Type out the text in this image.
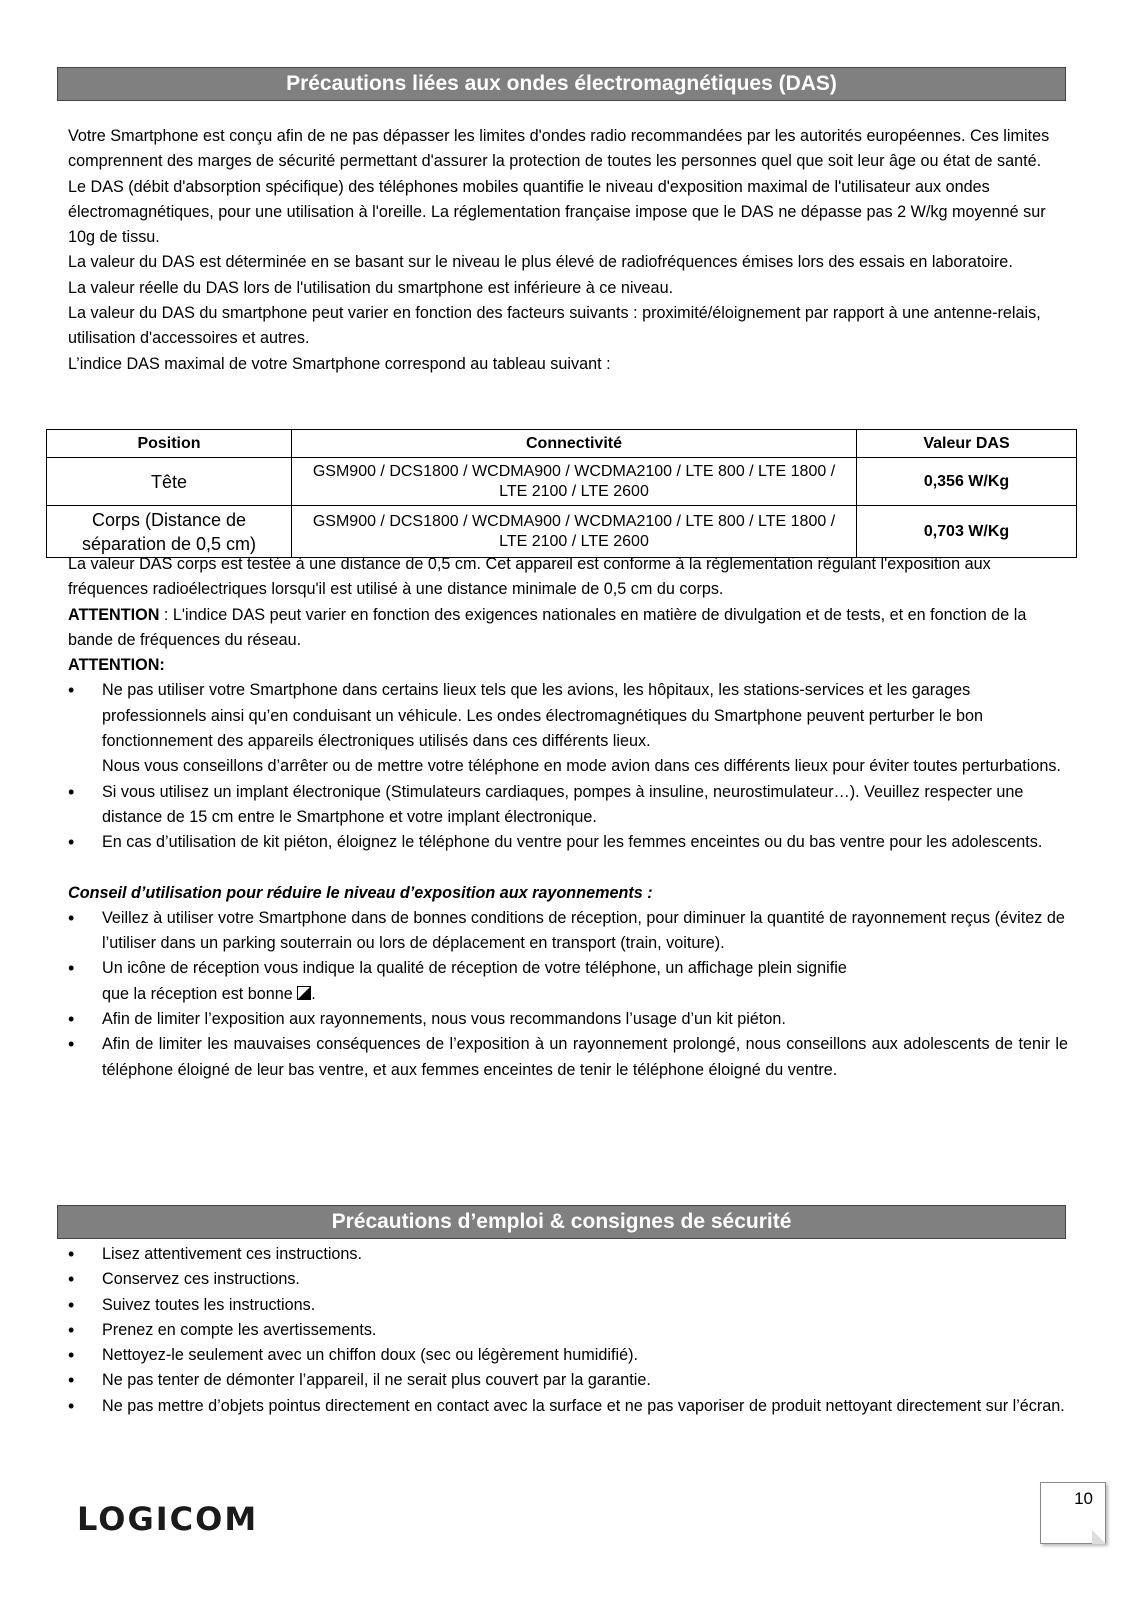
Précautions liées aux ondes électromagnétiques (DAS)

Votre Smartphone est conçu afin de ne pas dépasser les limites d'ondes radio recommandées par les autorités européennes. Ces limites comprennent des marges de sécurité permettant d'assurer la protection de toutes les personnes quel que soit leur âge ou état de santé.

Le DAS (débit d'absorption spécifique) des téléphones mobiles quantifie le niveau d'exposition maximal de l'utilisateur aux ondes électromagnétiques, pour une utilisation à l'oreille. La réglementation française impose que le DAS ne dépasse pas 2 W/kg moyenné sur 10g de tissu.

La valeur du DAS est déterminée en se basant sur le niveau le plus élevé de radiofréquences émises lors des essais en laboratoire.

La valeur réelle du DAS lors de l'utilisation du smartphone est inférieure à ce niveau.

La valeur du DAS du smartphone peut varier en fonction des facteurs suivants : proximité/éloignement par rapport à une antenne-relais, utilisation d'accessoires et autres.

L’indice DAS maximal de votre Smartphone correspond au tableau suivant :

Position	Connectivité	Valeur DAS
Tête	GSM900 / DCS1800 / WCDMA900 / WCDMA2100 / LTE 800 / LTE 1800 / LTE 2100 / LTE 2600	0,356 W/Kg

Corps (Distance de séparation de 0,5 cm)	GSM900 / DCS1800 / WCDMA900 / WCDMA2100 / LTE 800 / LTE 1800 / LTE 2100 / LTE 2600	0,703 W/Kg

La valeur DAS corps est testée à une distance de 0,5 cm. Cet appareil est conforme à la règlementation régulant l'exposition aux fréquences radioélectriques lorsqu'il est utilisé à une distance minimale de 0,5 cm du corps.

ATTENTION : L'indice DAS peut varier en fonction des exigences nationales en matière de divulgation et de tests, et en fonction de la bande de fréquences du réseau.

ATTENTION:

• Ne pas utiliser votre Smartphone dans certains lieux tels que les avions, les hôpitaux, les stations-services et les garages professionnels ainsi qu’en conduisant un véhicule. Les ondes électromagnétiques du Smartphone peuvent perturber le bon fonctionnement des appareils électroniques utilisés dans ces différents lieux.
Nous vous conseillons d’arrêter ou de mettre votre téléphone en mode avion dans ces différents lieux pour éviter toutes perturbations.
• Si vous utilisez un implant électronique (Stimulateurs cardiaques, pompes à insuline, neurostimulateur…). Veuillez respecter une distance de 15 cm entre le Smartphone et votre implant électronique.
• En cas d’utilisation de kit piéton, éloignez le téléphone du ventre pour les femmes enceintes ou du bas ventre pour les adolescents.

Conseil d’utilisation pour réduire le niveau d’exposition aux rayonnements :

• Veillez à utiliser votre Smartphone dans de bonnes conditions de réception, pour diminuer la quantité de rayonnement reçus (évitez de l’utiliser dans un parking souterrain ou lors de déplacement en transport (train, voiture).
• Un icône de réception vous indique la qualité de réception de votre téléphone, un affichage plein signifie
que la réception est bonne .
• Afin de limiter l’exposition aux rayonnements, nous vous recommandons l’usage d’un kit piéton.
• Afin de limiter les mauvaises conséquences de l’exposition à un rayonnement prolongé, nous conseillons aux adolescents de tenir le téléphone éloigné de leur bas ventre, et aux femmes enceintes de tenir le téléphone éloigné du ventre.
Précautions d’emploi & consignes de sécurité
• Lisez attentivement ces instructions.
• Conservez ces instructions.
• Suivez toutes les instructions.
• Prenez en compte les avertissements.
• Nettoyez-le seulement avec un chiffon doux (sec ou légèrement humidifié).
• Ne pas tenter de démonter l’appareil, il ne serait plus couvert par la garantie.
• Ne pas mettre d’objets pointus directement en contact avec la surface et ne pas vaporiser de produit nettoyant directement sur l’écran.
LOGICOM
10
